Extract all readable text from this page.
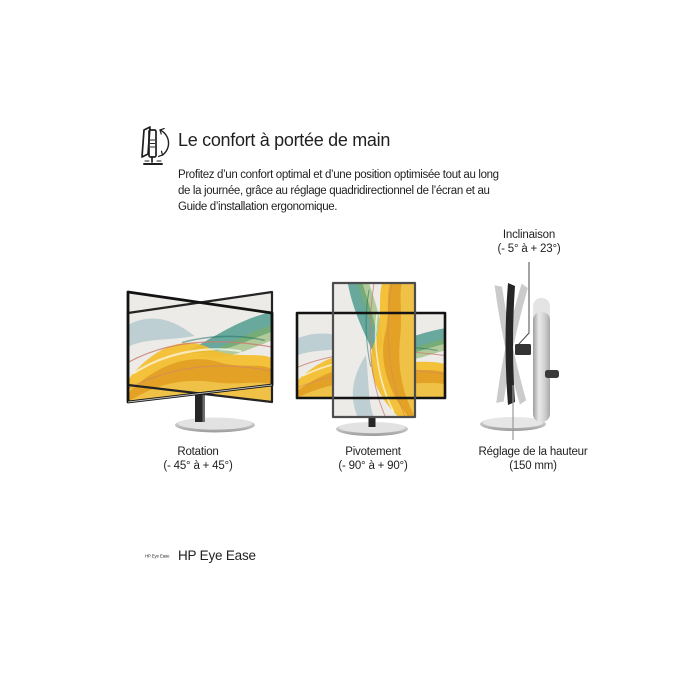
Le confort à portée de main
Profitez d’un confort optimal et d’une position optimisée tout au long
de la journée, grâce au réglage quadridirectionnel de l’écran et au
Guide d’installation ergonomique.
Inclinaison
(- 5° à + 23°)
Rotation
(- 45° à + 45°)
Pivotement
(- 90° à + 90°)
Réglage de la hauteur
(150 mm)
HP Eye Ease HP Eye Ease
